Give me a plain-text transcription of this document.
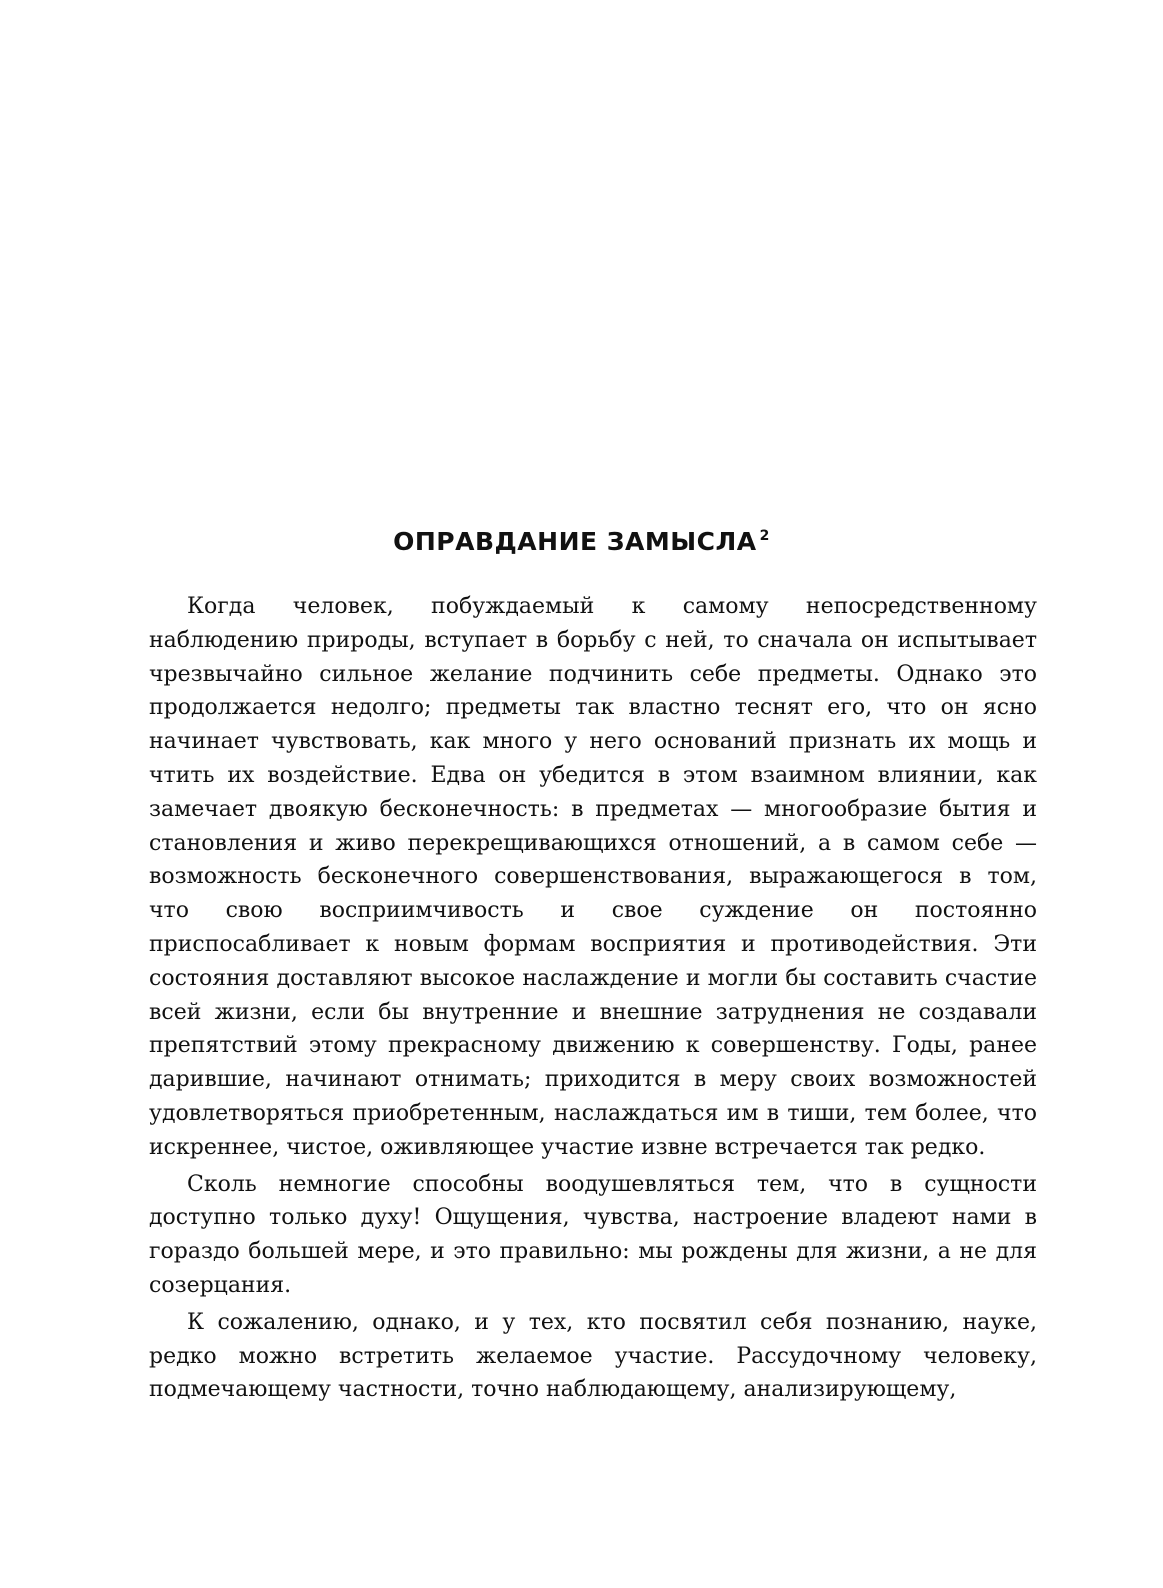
ОПРАВДАНИЕ ЗАМЫСЛА $^2$

Когда человек, побуждаемый к самому непосредственному наблюдению природы, вступает в борьбу с ней, то сначала он испытывает чрезвычайно сильное желание подчинить себе предметы. Однако это продолжается недолго; предметы так властно теснят его, что он ясно начинает чувствовать, как много у него оснований признать их мощь и чтить их воздействие. Едва он убедится в этом взаимном влиянии, как замечает двоякую бесконечность: в предметах — многообразие бытия и становления и живо перекрещивающихся отношений, а в самом себе — возможность бесконечного совершенствования, выражающегося в том, что свою восприимчивость и свое суждение он постоянно приспосабливает к новым формам восприятия и противодействия. Эти состояния доставляют высокое наслаждение и могли бы составить счастие всей жизни, если бы внутренние и внешние затруднения не создавали препятствий этому прекрасному движению к совершенству. Годы, ранее дарившие, начинают отнимать; приходится в меру своих возможностей удовлетворяться приобретенным, наслаждаться им в тиши, тем более, что искреннее, чистое, оживляющее участие извне встречается так редко.

Сколь немногие способны воодушевляться тем, что в сущности доступно только духу! Ощущения, чувства, настроение владеют нами в гораздо большей мере, и это правильно: мы рождены для жизни, а не для созерцания.

К сожалению, однако, и у тех, кто посвятил себя познанию, науке, редко можно встретить желаемое участие. Рассудочному человеку, подмечающему частности, точно наблюдающему, анализирующему,
